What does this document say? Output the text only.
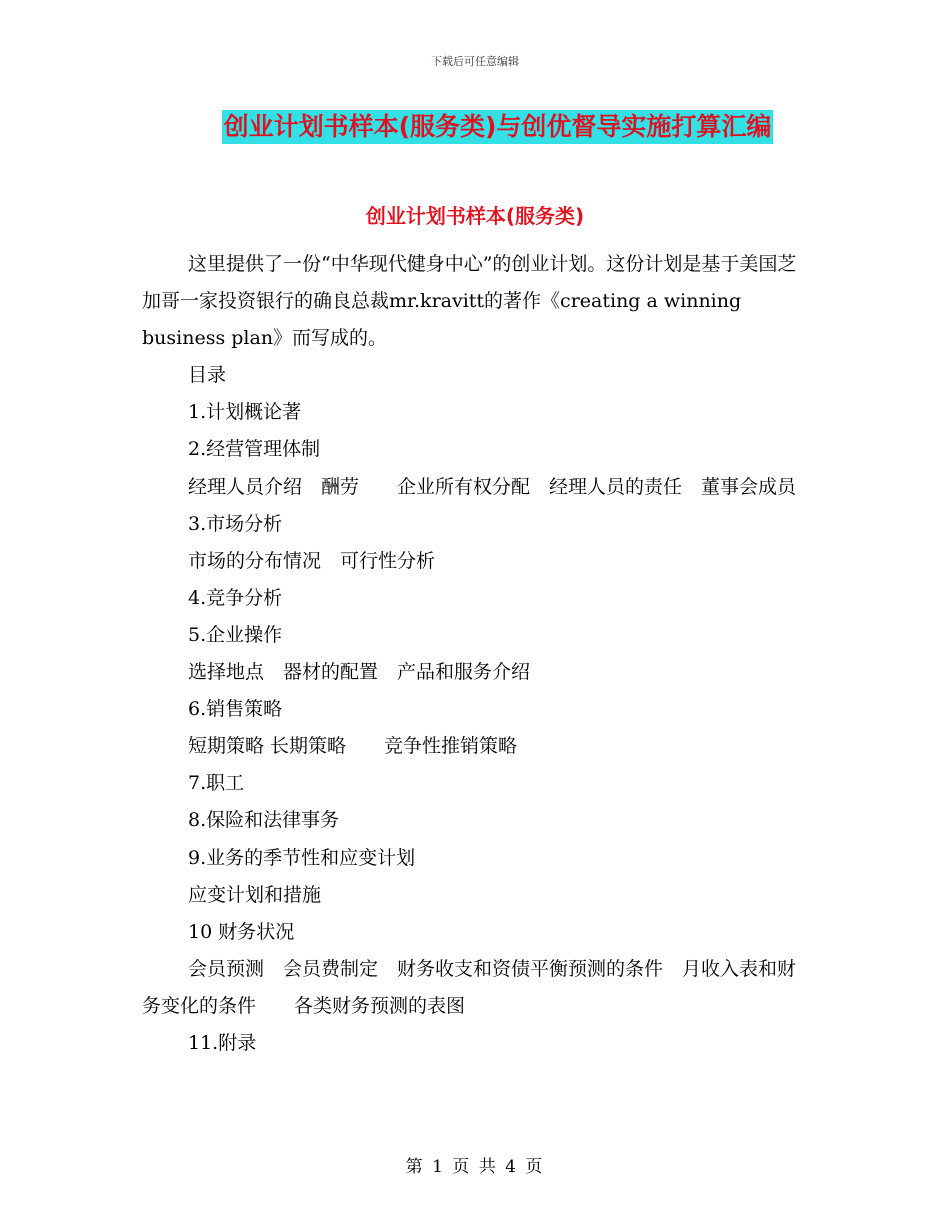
下载后可任意编辑
创业计划书样本(服务类)与创优督导实施打算汇编
创业计划书样本(服务类)

这里提供了一份“中华现代健身中心”的创业计划。这份计划是基于美国芝加哥一家投资银行的确良总裁mr.kravitt的著作《creating a winning business plan》而写成的。

目录

1.计划概论著

2.经营管理体制

经理人员介绍　酬劳　　企业所有权分配　经理人员的责任　董事会成员

3.市场分析

市场的分布情况　可行性分析

4.竞争分析

5.企业操作

选择地点　器材的配置　产品和服务介绍

6.销售策略

短期策略 长期策略　　竞争性推销策略

7.职工

8.保险和法律事务

9.业务的季节性和应变计划

应变计划和措施

10 财务状况

会员预测　会员费制定　财务收支和资债平衡预测的条件　月收入表和财务变化的条件　　各类财务预测的表图

11.附录

第 1 页 共 4 页
